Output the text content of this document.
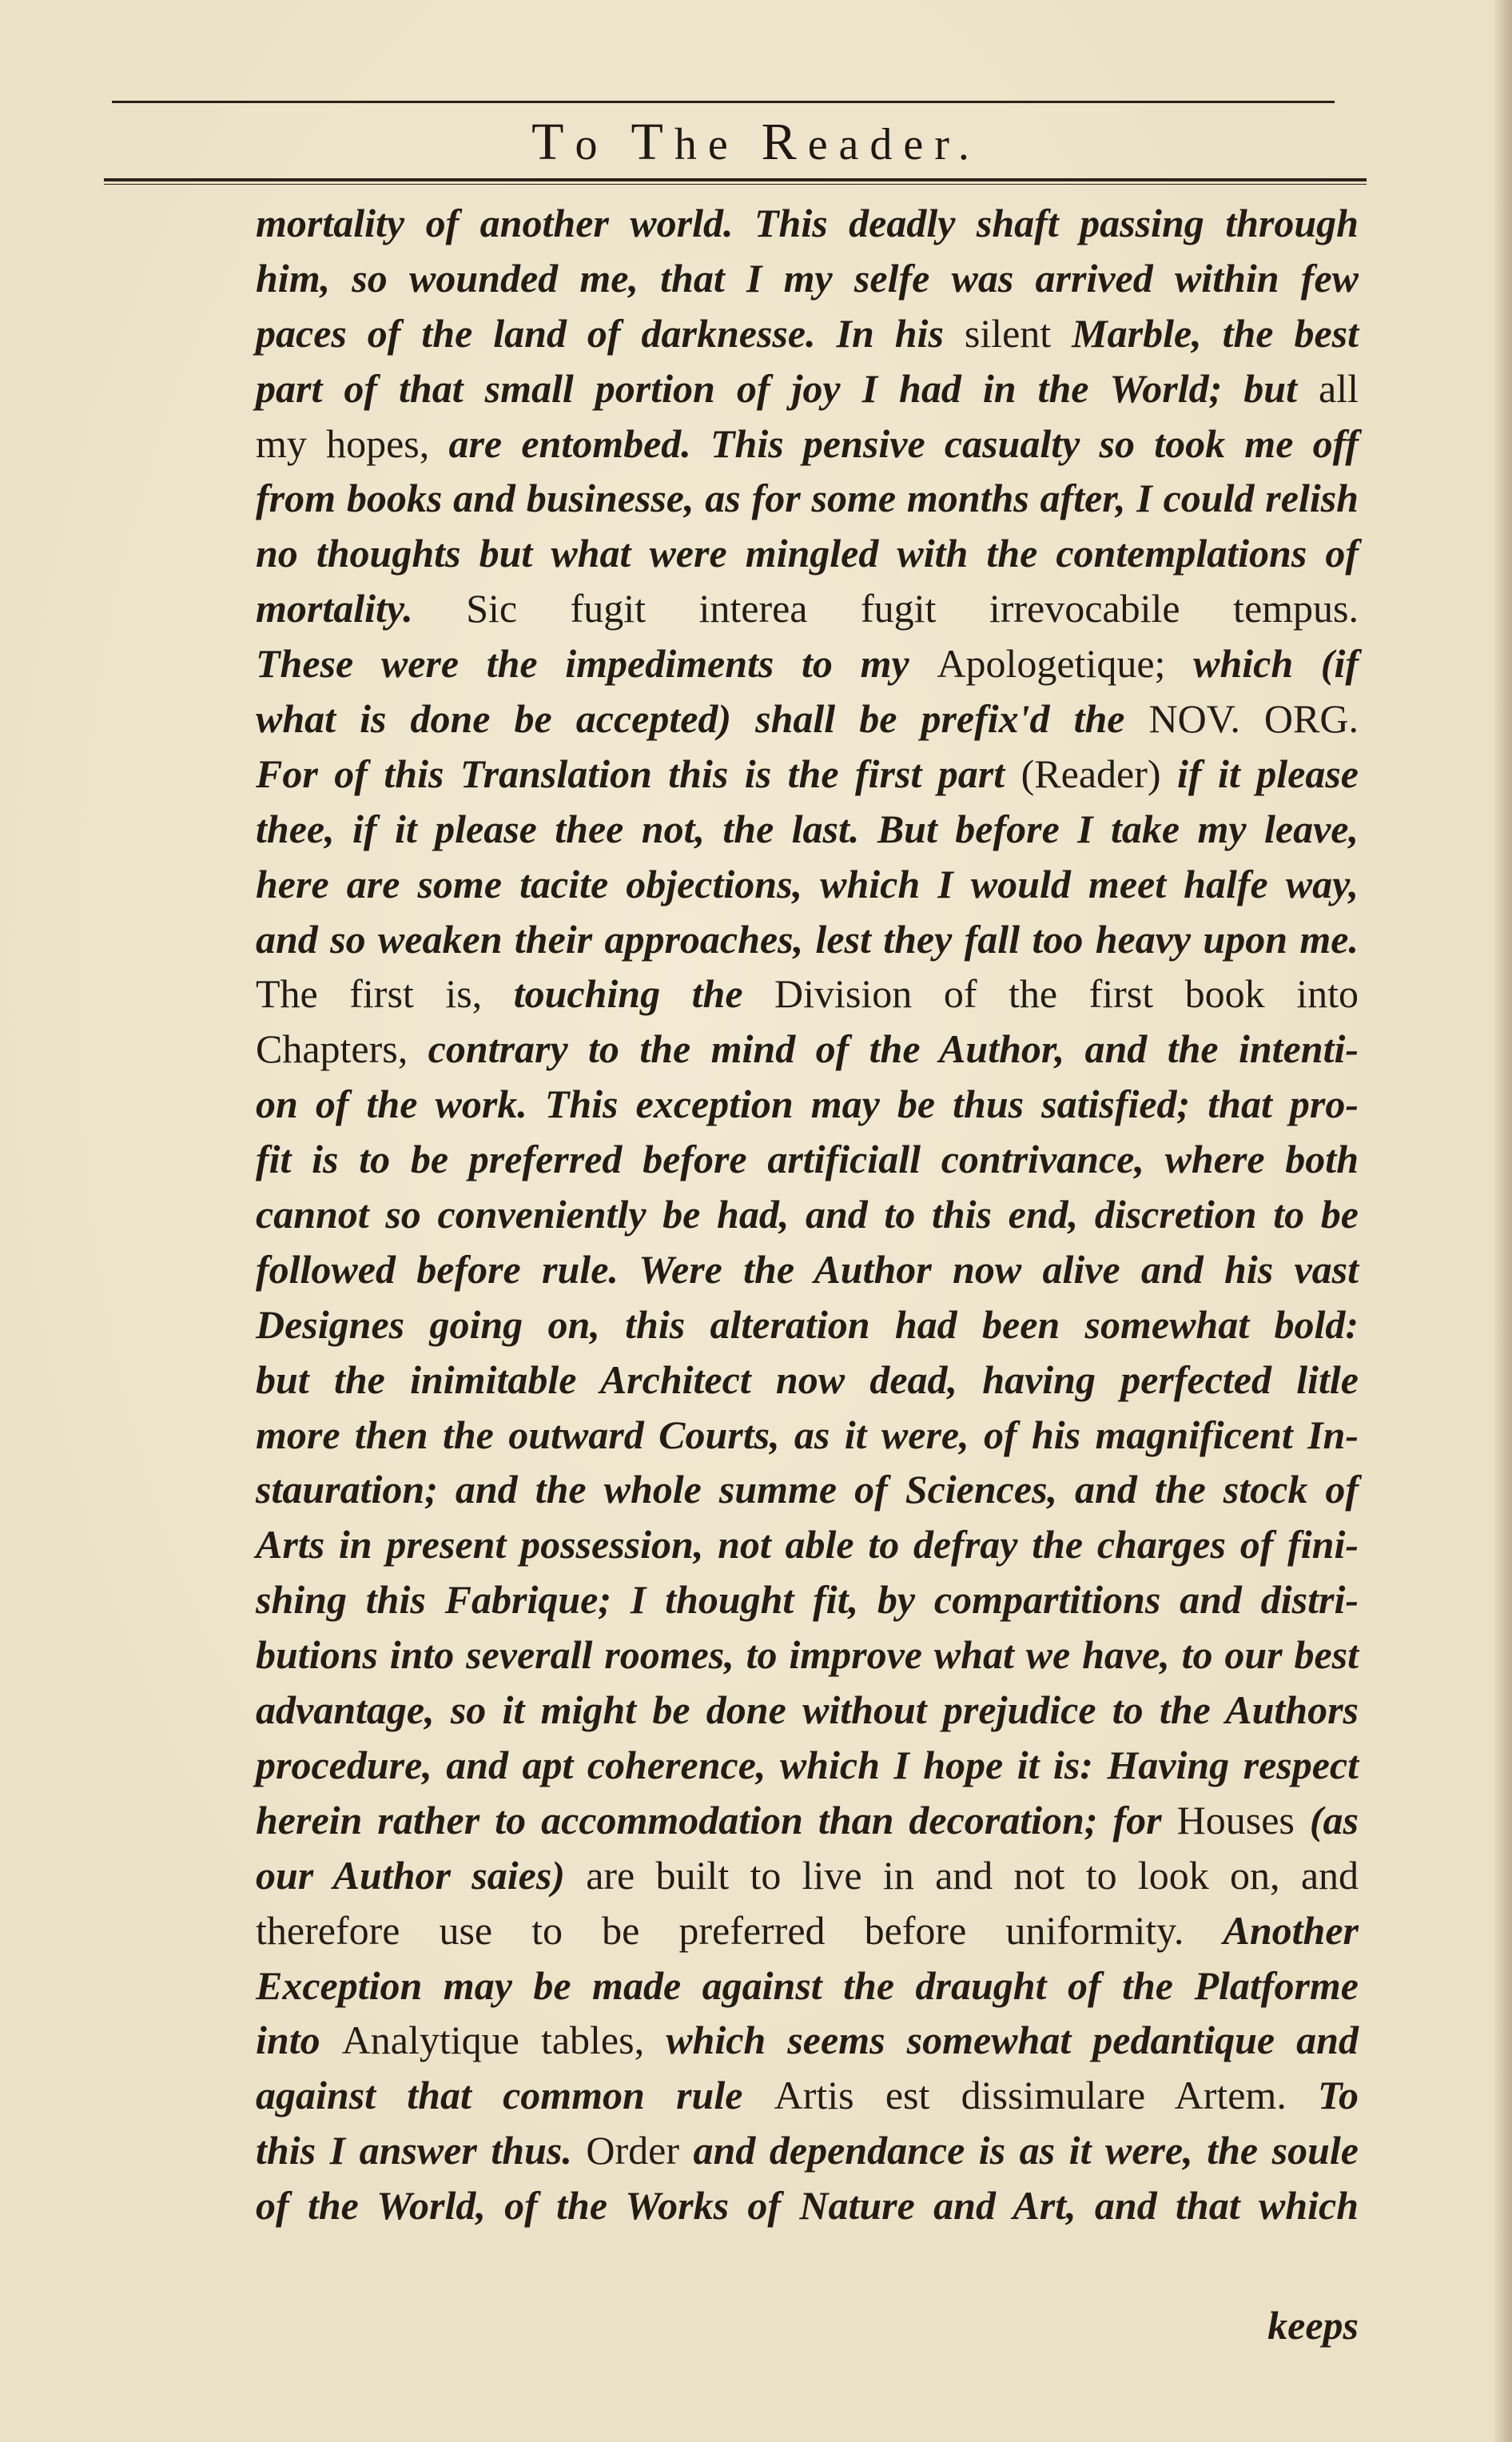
To The Reader.
mortality of another world. This deadly shaft passing through
him, so wounded me, that I my selfe was arrived within few
paces of the land of darknesse. In his silent Marble, the best
part of that small portion of joy I had in the World; but all
my hopes, are entombed. This pensive casualty so took me off
from books and businesse, as for some months after, I could relish
no thoughts but what were mingled with the contemplations of
mortality. Sic fugit interea fugit irrevocabile tempus.
These were the impediments to my Apologetique; which (if
what is done be accepted) shall be prefix'd the NOV. ORG.
For of this Translation this is the first part (Reader) if it please
thee, if it please thee not, the last. But before I take my leave,
here are some tacite objections, which I would meet halfe way,
and so weaken their approaches, lest they fall too heavy upon me.
The first is, touching the Division of the first book into
Chapters, contrary to the mind of the Author, and the intenti-
on of the work. This exception may be thus satisfied; that pro-
fit is to be preferred before artificiall contrivance, where both
cannot so conveniently be had, and to this end, discretion to be
followed before rule. Were the Author now alive and his vast
Designes going on, this alteration had been somewhat bold:
but the inimitable Architect now dead, having perfected litle
more then the outward Courts, as it were, of his magnificent In-
stauration; and the whole summe of Sciences, and the stock of
Arts in present possession, not able to defray the charges of fini-
shing this Fabrique; I thought fit, by compartitions and distri-
butions into severall roomes, to improve what we have, to our best
advantage, so it might be done without prejudice to the Authors
procedure, and apt coherence, which I hope it is: Having respect
herein rather to accommodation than decoration; for Houses (as
our Author saies) are built to live in and not to look on, and
therefore use to be preferred before uniformity. Another
Exception may be made against the draught of the Platforme
into Analytique tables, which seems somewhat pedantique and
against that common rule Artis est dissimulare Artem. To
this I answer thus. Order and dependance is as it were, the soule
of the World, of the Works of Nature and Art, and that which
keeps
